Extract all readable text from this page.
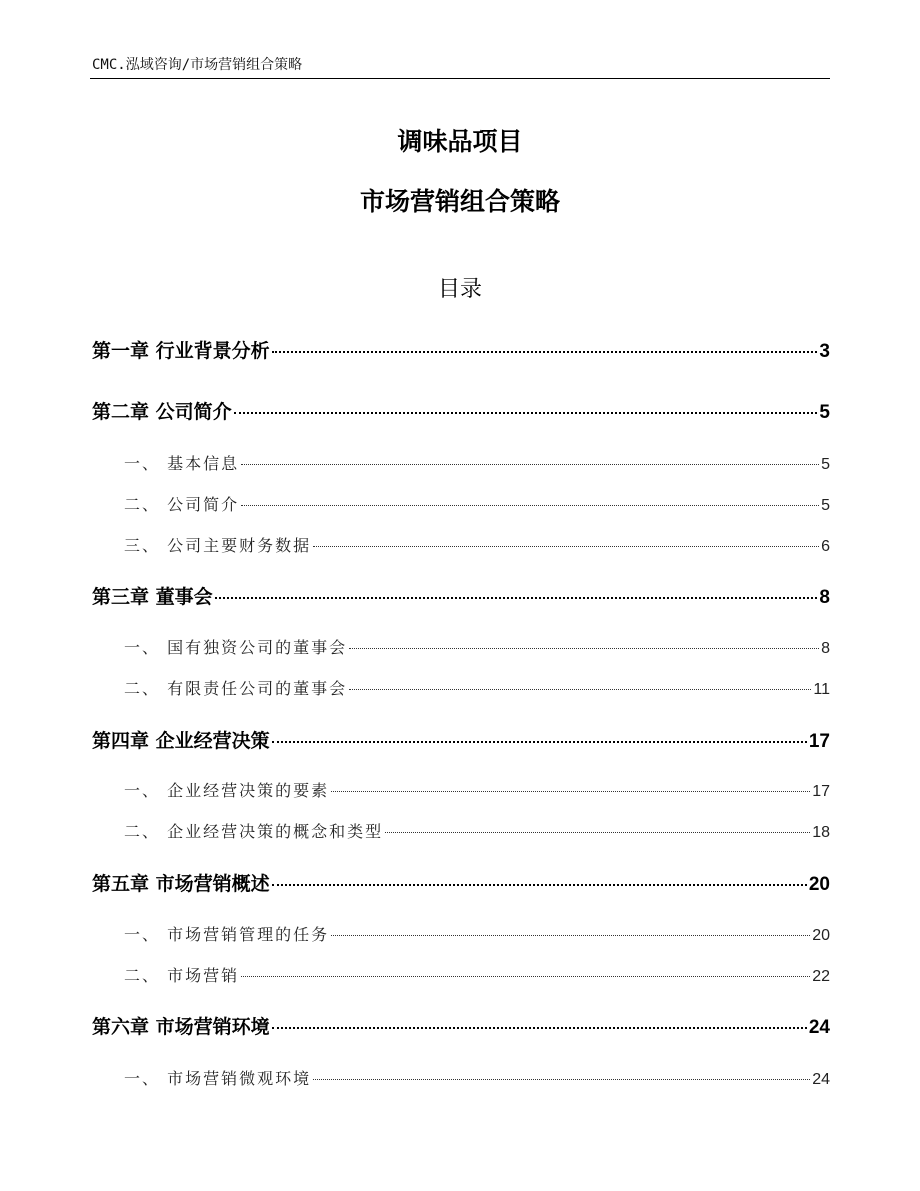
CMC.泓域咨询/市场营销组合策略
调味品项目
市场营销组合策略
目录
第一章 行业背景分析	3
第二章 公司简介	5
一、 基本信息	5
二、 公司简介	5
三、 公司主要财务数据	6
第三章 董事会	8
一、 国有独资公司的董事会	8
二、 有限责任公司的董事会	11
第四章 企业经营决策	17
一、 企业经营决策的要素	17
二、 企业经营决策的概念和类型	18
第五章 市场营销概述	20
一、 市场营销管理的任务	20
二、 市场营销	22
第六章 市场营销环境	24
一、 市场营销微观环境	24
